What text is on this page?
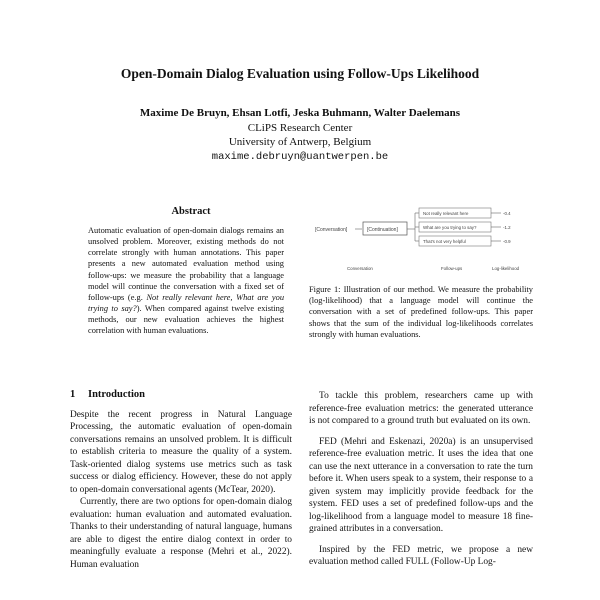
Open-Domain Dialog Evaluation using Follow-Ups Likelihood
Maxime De Bruyn, Ehsan Lotfi, Jeska Buhmann, Walter Daelemans
CLiPS Research Center
University of Antwerp, Belgium
maxime.debruyn@uantwerpen.be
Abstract

Automatic evaluation of open-domain dialogs remains an unsolved problem. Moreover, existing methods do not correlate strongly with human annotations. This paper presents a new automated evaluation method using follow-ups: we measure the probability that a language model will continue the conversation with a fixed set of follow-ups (e.g. Not really relevant here, What are you trying to say?). When compared against twelve existing methods, our new evaluation achieves the highest correlation with human evaluations.

[Conversation]	[Continuation]
Not really relevant here
What are you trying to say?
That's not very helpful
-0.4
-1.2
-0.9
Conversation	Follow-ups	Log-likelihood

Figure 1: Illustration of our method. We measure the probability (log-likelihood) that a language model will continue the conversation with a set of predefined follow-ups. This paper shows that the sum of the individual log-likelihoods correlates strongly with human evaluations.

1 Introduction

Despite the recent progress in Natural Language Processing, the automatic evaluation of open-domain conversations remains an unsolved problem. It is difficult to establish criteria to measure the quality of a system. Task-oriented dialog systems use metrics such as task success or dialog efficiency. However, these do not apply to open-domain conversational agents (McTear, 2020).

Currently, there are two options for open-domain dialog evaluation: human evaluation and automated evaluation. Thanks to their understanding of natural language, humans are able to digest the entire dialog context in order to meaningfully evaluate a response (Mehri et al., 2022). Human evaluation

To tackle this problem, researchers came up with reference-free evaluation metrics: the generated utterance is not compared to a ground truth but evaluated on its own.

FED (Mehri and Eskenazi, 2020a) is an unsupervised reference-free evaluation metric. It uses the idea that one can use the next utterance in a conversation to rate the turn before it. When users speak to a system, their response to a given system may implicitly provide feedback for the system. FED uses a set of predefined follow-ups and the log-likelihood from a language model to measure 18 fine-grained attributes in a conversation.

Inspired by the FED metric, we propose a new evaluation method called FULL (Follow-Up Log-
